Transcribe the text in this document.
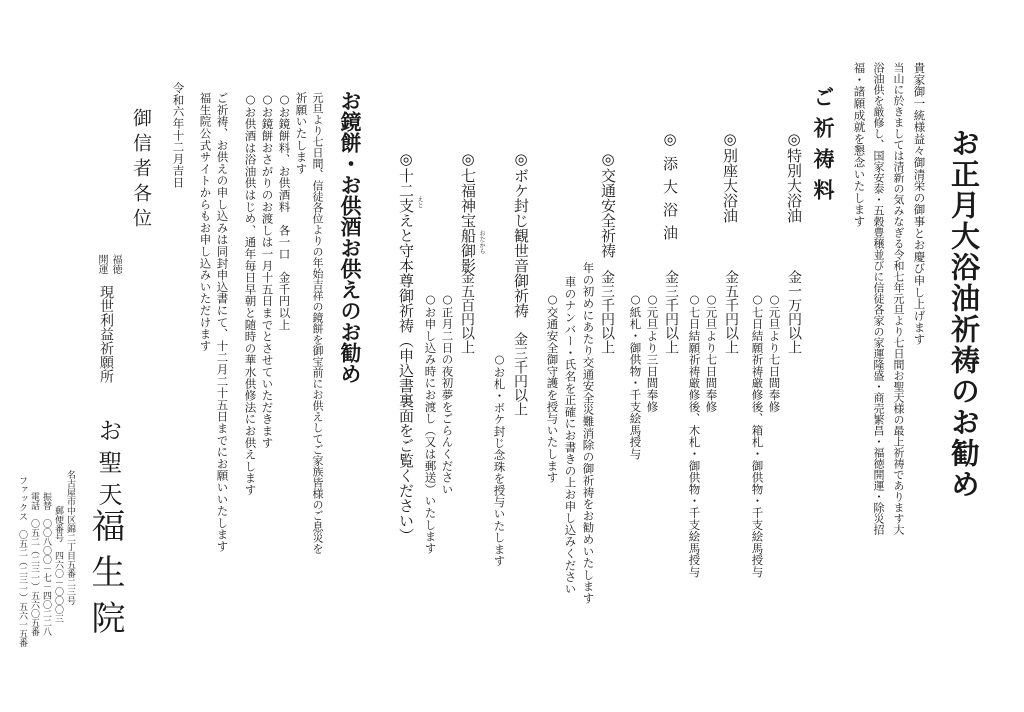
お正月大浴油祈祷のお勧め
貴家御一統様益々御清栄の御事とお慶び申し上げます
当山に於きましては清新の気みなぎる令和七年元旦より七日間お聖天様の最上祈祷であります大
浴油供を厳修し、国家安泰・五穀豊穣並びに信徒各家の家運隆盛・商売繁昌・福徳開運・除災招
福・諸願成就を懇念いたします
ご祈祷料
◎特別大浴油
金一万円以上
○元旦より七日間奉修
○七日結願祈祷厳修後、箱札・御供物・千支絵馬授与
◎別座大浴油
金五千円以上
○元旦より七日間奉修
○七日結願祈祷厳修後、木札・御供物・千支絵馬授与
◎添大浴油
金三千円以上
○元旦より三日間奉修
○紙札・御供物・千支絵馬授与
◎交通安全祈祷
金三千円以上
年の初めにあたり交通安全災難消除の御祈祷をお勧めいたします
車のナンバー・氏名を正確にお書きの上お申し込みください
○交通安全御守護を授与いたします
◎ボケ封じ観世音御祈祷
金三千円以上
○お札・ボケ封じ念珠を授与いたします
◎七福神宝船御影 おたから
金五百円以上
○正月二日の夜初夢をごらんください
○お申し込み時にお渡し（又は郵送）いたします
◎十二支えと守本尊御祈祷（申込書裏面をご覧ください） えと
お鏡餅・お供酒お供えのお勧め
元旦より七日間、信徒各位よりの年始吉祥の鏡餅を御宝前にお供えしてご家族皆様のご息災を
祈願いたします
○お鏡餅料、お供酒料　各一口　金千円以上
○お鏡餅おさがりのお渡しは一月十五日までとさせていただきます
○お供酒は浴油供はじめ、通年毎日早朝と随時の華水供修法にお供えします
ご祈祷、お供えの申し込みは同封申込書にて、十二月二十五日までにお願いいたします
福生院公式サイトからもお申し込みいただけます
令和六年十二月吉日
御信者各位
福徳
開運
現世利益祈願所
お聖天
福生院
名古屋市中区錦二丁目五番二三号
郵便番号　四六〇－〇〇〇三
振替　〇〇八〇〇－七－四〇二二八
電話　〇五二（二三一）五六〇五番
ファックス　〇五二（二三一）五六一五番
